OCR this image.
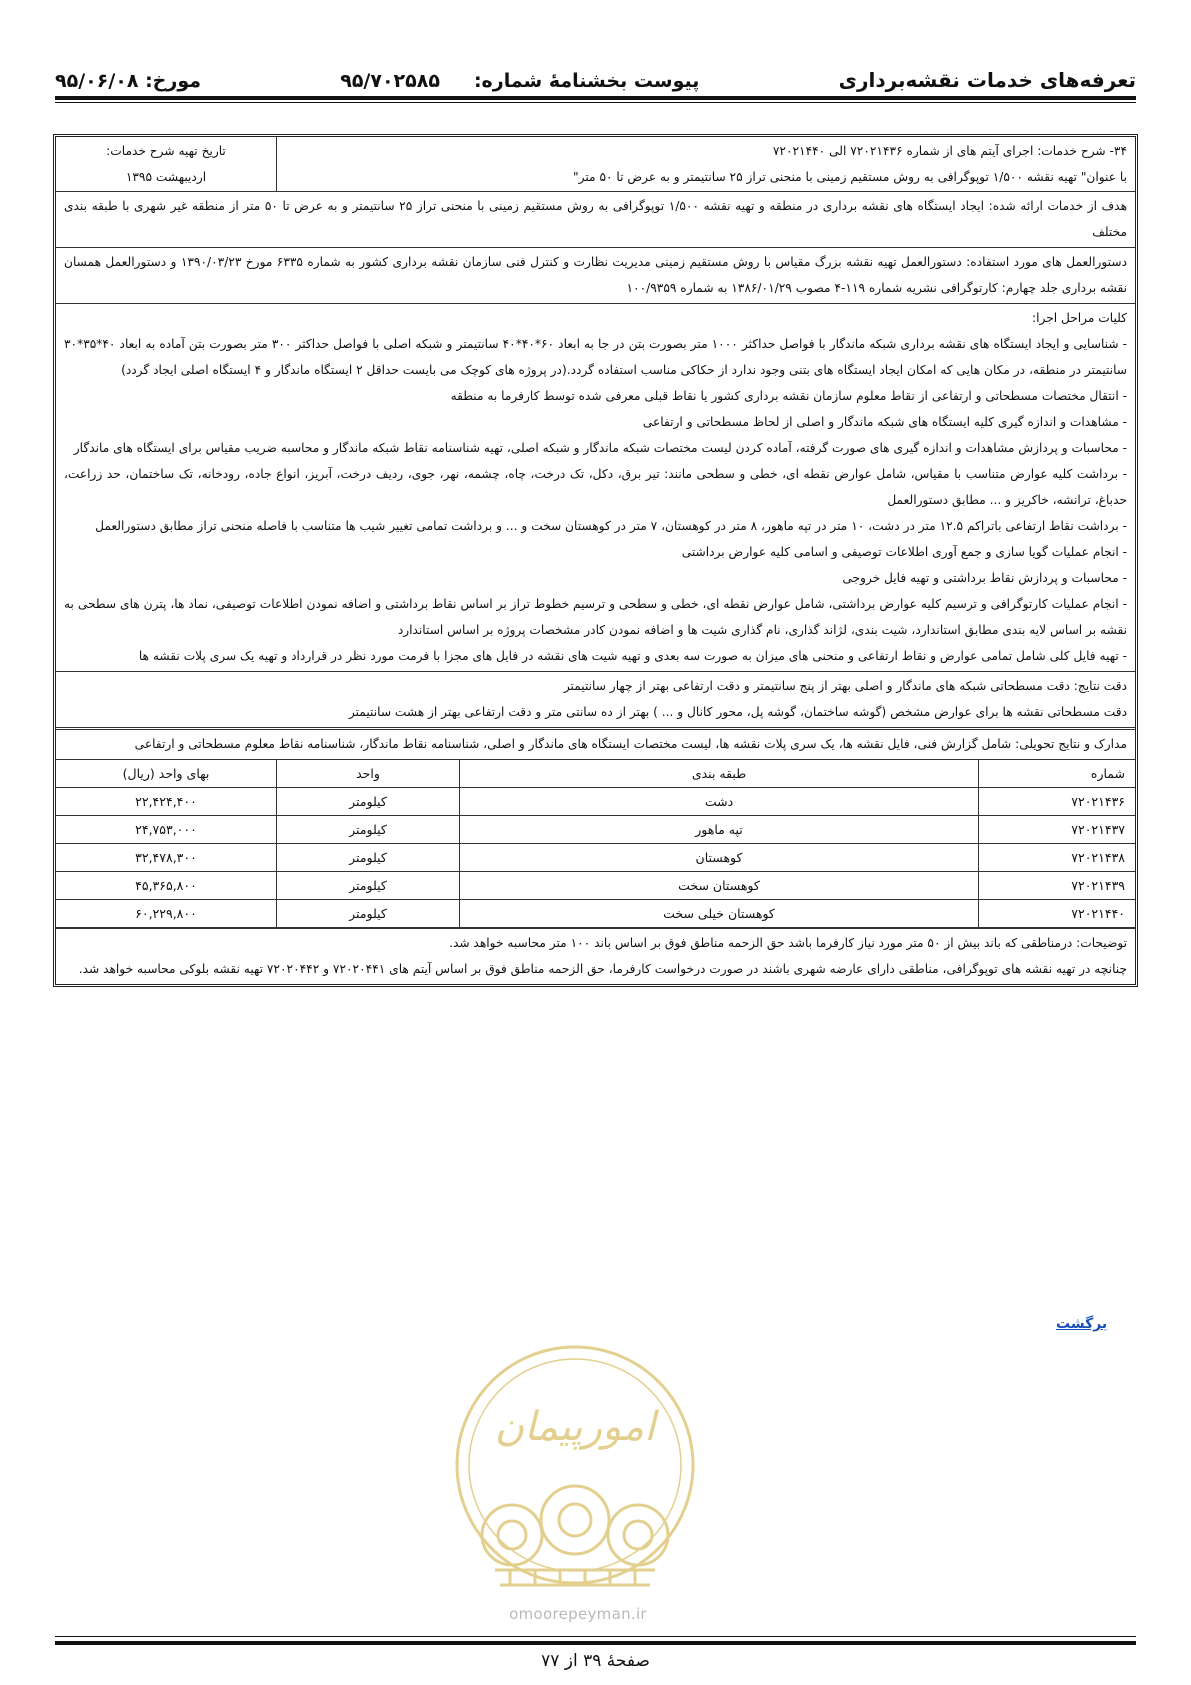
تعرفه‌های خدمات نقشه‌برداری
پیوست بخشنامهٔ شماره:
۹۵/۷۰۲۵۸۵
مورخ: ۹۵/۰۶/۰۸

۳۴- شرح خدمات: اجرای آیتم های از شماره ۷۲۰۲۱۴۳۶ الی ۷۲۰۲۱۴۴۰

با عنوان" تهیه نقشه ۱/۵۰۰ توپوگرافی به روش مستقیم زمینی با منحنی تراز ۲۵ سانتیمتر و به عرض تا ۵۰ متر"

تاریخ تهیه شرح خدمات:

اردیبهشت ۱۳۹۵

هدف از خدمات ارائه شده: ایجاد ایستگاه های نقشه برداری در منطقه و تهیه نقشه ۱/۵۰۰ توپوگرافی به روش مستقیم زمینی با منحنی تراز ۲۵ سانتیمتر و به عرض تا ۵۰ متر از منطقه غیر شهری با طبقه بندی مختلف

دستورالعمل های مورد استفاده: دستورالعمل تهیه نقشه بزرگ مقیاس با روش مستقیم زمینی مدیریت نظارت و کنترل فنی سازمان نقشه برداری کشور به شماره ۶۳۳۵ مورخ ۱۳۹۰/۰۳/۲۳ و دستورالعمل همسان نقشه برداری جلد چهارم: کارتوگرافی نشریه شماره ۱۱۹-۴ مصوب ۱۳۸۶/۰۱/۲۹ به شماره ۱۰۰/۹۳۵۹

کلیات مراحل اجرا:

- شناسایی و ایجاد ایستگاه های نقشه برداری شبکه ماندگار با فواصل حداکثر ۱۰۰۰ متر بصورت بتن در جا به ابعاد ۶۰*۴۰*۴۰ سانتیمتر و شبکه اصلی با فواصل حداکثر ۳۰۰ متر بصورت بتن آماده به ابعاد ۴۰*۳۵*۳۰ سانتیمتر در منطقه، در مکان هایی که امکان ایجاد ایستگاه های بتنی وجود ندارد از حکاکی مناسب استفاده گردد.(در پروژه های کوچک می بایست حداقل ۲ ایستگاه ماندگار و ۴ ایستگاه اصلی ایجاد گردد)

- انتقال مختصات مسطحاتی و ارتفاعی از نقاط معلوم سازمان نقشه برداری کشور یا نقاط قبلی معرفی شده توسط کارفرما به منطقه

- مشاهدات و اندازه گیری کلیه ایستگاه های شبکه ماندگار و اصلی از لحاظ مسطحاتی و ارتفاعی

- محاسبات و پردازش مشاهدات و اندازه گیری های صورت گرفته، آماده کردن لیست مختصات شبکه ماندگار و شبکه اصلی، تهیه شناسنامه نقاط شبکه ماندگار و محاسبه ضریب مقیاس برای ایستگاه های ماندگار

- برداشت کلیه عوارض متناسب با مقیاس، شامل عوارض نقطه ای، خطی و سطحی مانند: تیر برق، دکل، تک درخت، چاه، چشمه، نهر، جوی، ردیف درخت، آبریز، انواع جاده، رودخانه، تک ساختمان، حد زراعت، حدباغ، ترانشه، خاکریز و ... مطابق دستورالعمل

- برداشت نقاط ارتفاعی باتراکم ۱۲.۵ متر در دشت، ۱۰ متر در تپه ماهور، ۸ متر در کوهستان، ۷ متر در کوهستان سخت و ... و برداشت تمامی تغییر شیب ها متناسب با فاصله منحنی تراز مطابق دستورالعمل

- انجام عملیات گویا سازی و جمع آوری اطلاعات توصیفی و اسامی کلیه عوارض برداشتی

- محاسبات و پردازش نقاط برداشتی و تهیه فایل خروجی

- انجام عملیات کارتوگرافی و ترسیم کلیه عوارض برداشتی، شامل عوارض نقطه ای، خطی و سطحی و ترسیم خطوط تراز بر اساس نقاط برداشتی و اضافه نمودن اطلاعات توصیفی، نماد ها، پترن های سطحی به نقشه بر اساس لایه بندی مطابق استاندارد، شیت بندی، لژاند گذاری، نام گذاری شیت ها و اضافه نمودن کادر مشخصات پروژه بر اساس استاندارد

- تهیه فایل کلی شامل تمامی عوارض و نقاط ارتفاعی و منحنی های میزان به صورت سه بعدی و تهیه شیت های نقشه در فایل های مجزا با فرمت مورد نظر در قرارداد و تهیه یک سری پلات نقشه ها

دقت نتایج: دقت مسطحاتی شبکه های ماندگار و اصلی بهتر از پنج سانتیمتر و دقت ارتفاعی بهتر از چهار سانتیمتر

دقت مسطحاتی نقشه ها برای عوارض مشخص (گوشه ساختمان، گوشه پل، محور کانال و ... ) بهتر از ده سانتی متر و دقت ارتفاعی بهتر از هشت سانتیمتر

مدارک و نتایج تحویلی: شامل گزارش فنی، فایل نقشه ها، یک سری پلات نقشه ها، لیست مختصات ایستگاه های ماندگار و اصلی، شناسنامه نقاط ماندگار، شناسنامه نقاط معلوم مسطحاتی و ارتفاعی

شماره	طبقه بندی	واحد	بهای واحد (ریال)
۷۲۰۲۱۴۳۶	دشت	کیلومتر	۲۲,۴۲۴,۴۰۰
۷۲۰۲۱۴۳۷	تپه ماهور	کیلومتر	۲۴,۷۵۳,۰۰۰
۷۲۰۲۱۴۳۸	کوهستان	کیلومتر	۳۲,۴۷۸,۳۰۰
۷۲۰۲۱۴۳۹	کوهستان سخت	کیلومتر	۴۵,۳۶۵,۸۰۰
۷۲۰۲۱۴۴۰	کوهستان خیلی سخت	کیلومتر	۶۰,۲۲۹,۸۰۰

توضیحات: درمناطقی که باند بیش از ۵۰ متر مورد نیاز کارفرما باشد حق الزحمه مناطق فوق بر اساس باند ۱۰۰ متر محاسبه خواهد شد.

چنانچه در تهیه نقشه های توپوگرافی، مناطقی دارای عارضه شهری باشند در صورت درخواست کارفرما، حق الزحمه مناطق فوق بر اساس آیتم های ۷۲۰۲۰۴۴۱ و ۷۲۰۲۰۴۴۲ تهیه نقشه بلوکی محاسبه خواهد شد.

برگشت
امورپیمان
omoorepeyman.ir
صفحهٔ ۳۹ از ۷۷
